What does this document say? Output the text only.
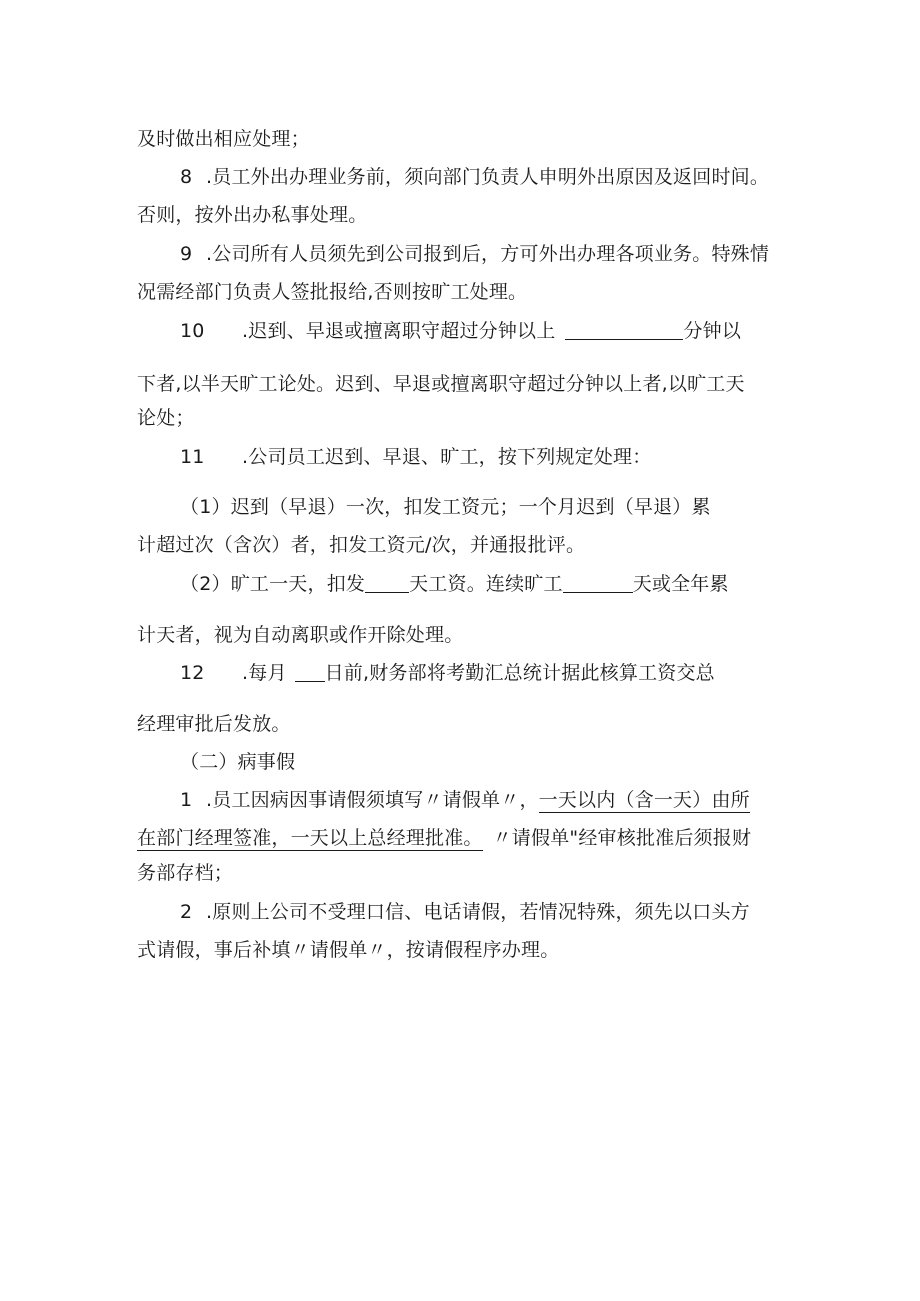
及时做出相应处理；
8 .员工外出办理业务前，须向部门负责人申明外出原因及返回时间。
否则，按外出办私事处理。
9 .公司所有人员须先到公司报到后，方可外出办理各项业务。特殊情
况需经部门负责人签批报给,否则按旷工处理。
10 .迟到、早退或擅离职守超过分钟以上	分钟以
下者,以半天旷工论处。迟到、早退或擅离职守超过分钟以上者,以旷工天
论处；
11 .公司员工迟到、早退、旷工，按下列规定处理：
（1）迟到（早退）一次，扣发工资元；一个月迟到（早退）累
计超过次（含次）者，扣发工资元/次，并通报批评。
（2）旷工一天，扣发 天工资。连续旷工	天或全年累
计天者，视为自动离职或作开除处理。
12 .每月 日前,财务部将考勤汇总统计据此核算工资交总
经理审批后发放。
（二）病事假
1 .员工因病因事请假须填写〃请假单〃，一天以内（含一天）由所
在部门经理签准，一天以上总经理批准。 〃请假单"经审核批准后须报财
务部存档；
2 .原则上公司不受理口信、电话请假，若情况特殊，须先以口头方
式请假，事后补填〃请假单〃，按请假程序办理。
